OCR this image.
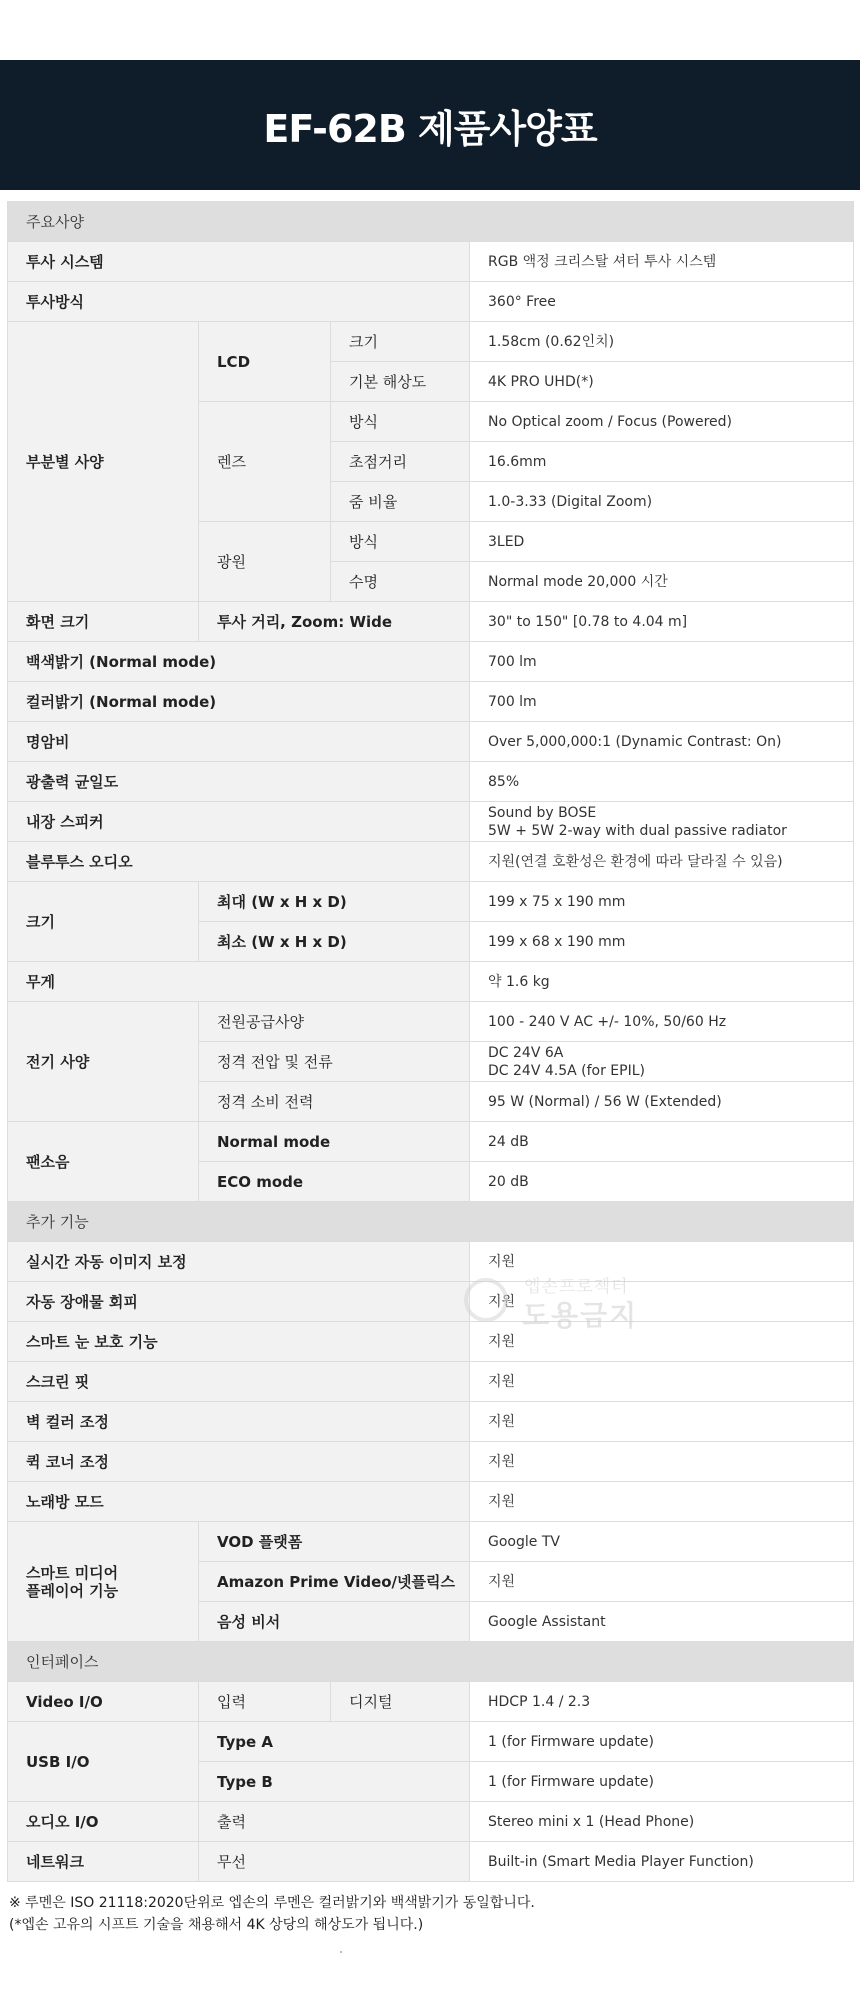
EF-62B 제품사양표
주요사양			
투사 시스템			RGB 액정 크리스탈 셔터 투사 시스템
투사방식			360° Free
부분별 사양	LCD	크기	1.58cm (0.62인치)
		기본 해상도	4K PRO UHD(*)
	렌즈	방식	No Optical zoom / Focus (Powered)
		초점거리	16.6mm
		줌 비율	1.0-3.33 (Digital Zoom)
	광원	방식	3LED
		수명	Normal mode 20,000 시간
화면 크기	투사 거리, Zoom: Wide		30" to 150" [0.78 to 4.04 m]
백색밝기 (Normal mode)			700 lm
컬러밝기 (Normal mode)			700 lm
명암비			Over 5,000,000:1 (Dynamic Contrast: On)
광출력 균일도			85%
내장 스피커			Sound by BOSE
5W + 5W 2-way with dual passive radiator

블루투스 오디오			지원(연결 호환성은 환경에 따라 달라질 수 있음)
크기	최대 (W x H x D)		199 x 75 x 190 mm
	최소 (W x H x D)		199 x 68 x 190 mm
무게			약 1.6 kg
전기 사양	전원공급사양		100 - 240 V AC +/- 10%, 50/60 Hz
	정격 전압 및 전류		DC 24V 6A
DC 24V 4.5A (for EPIL)

	정격 소비 전력		95 W (Normal) / 56 W (Extended)
팬소음	Normal mode		24 dB
	ECO mode		20 dB
추가 기능			
실시간 자동 이미지 보정			지원
자동 장애물 회피			지원
스마트 눈 보호 기능			지원
스크린 핏			지원
벽 컬러 조정			지원
퀵 코너 조정			지원
노래방 모드			지원

스마트 미디어
플레이어 기능	VOD 플랫폼		Google TV
	Amazon Prime Video/넷플릭스		지원
	음성 비서		Google Assistant
인터페이스			
Video I/O	입력	디지털	HDCP 1.4 / 2.3
USB I/O	Type A		1 (for Firmware update)
	Type B		1 (for Firmware update)
오디오 I/O	출력		Stereo mini x 1 (Head Phone)
네트워크	무선		Built-in (Smart Media Player Function)
엡손프로젝터
도용금지
※ 루멘은 ISO 21118:2020단위로 엡손의 루멘은 컬러밝기와 백색밝기가 동일합니다.
(*엡손 고유의 시프트 기술을 채용해서 4K 상당의 해상도가 됩니다.)
